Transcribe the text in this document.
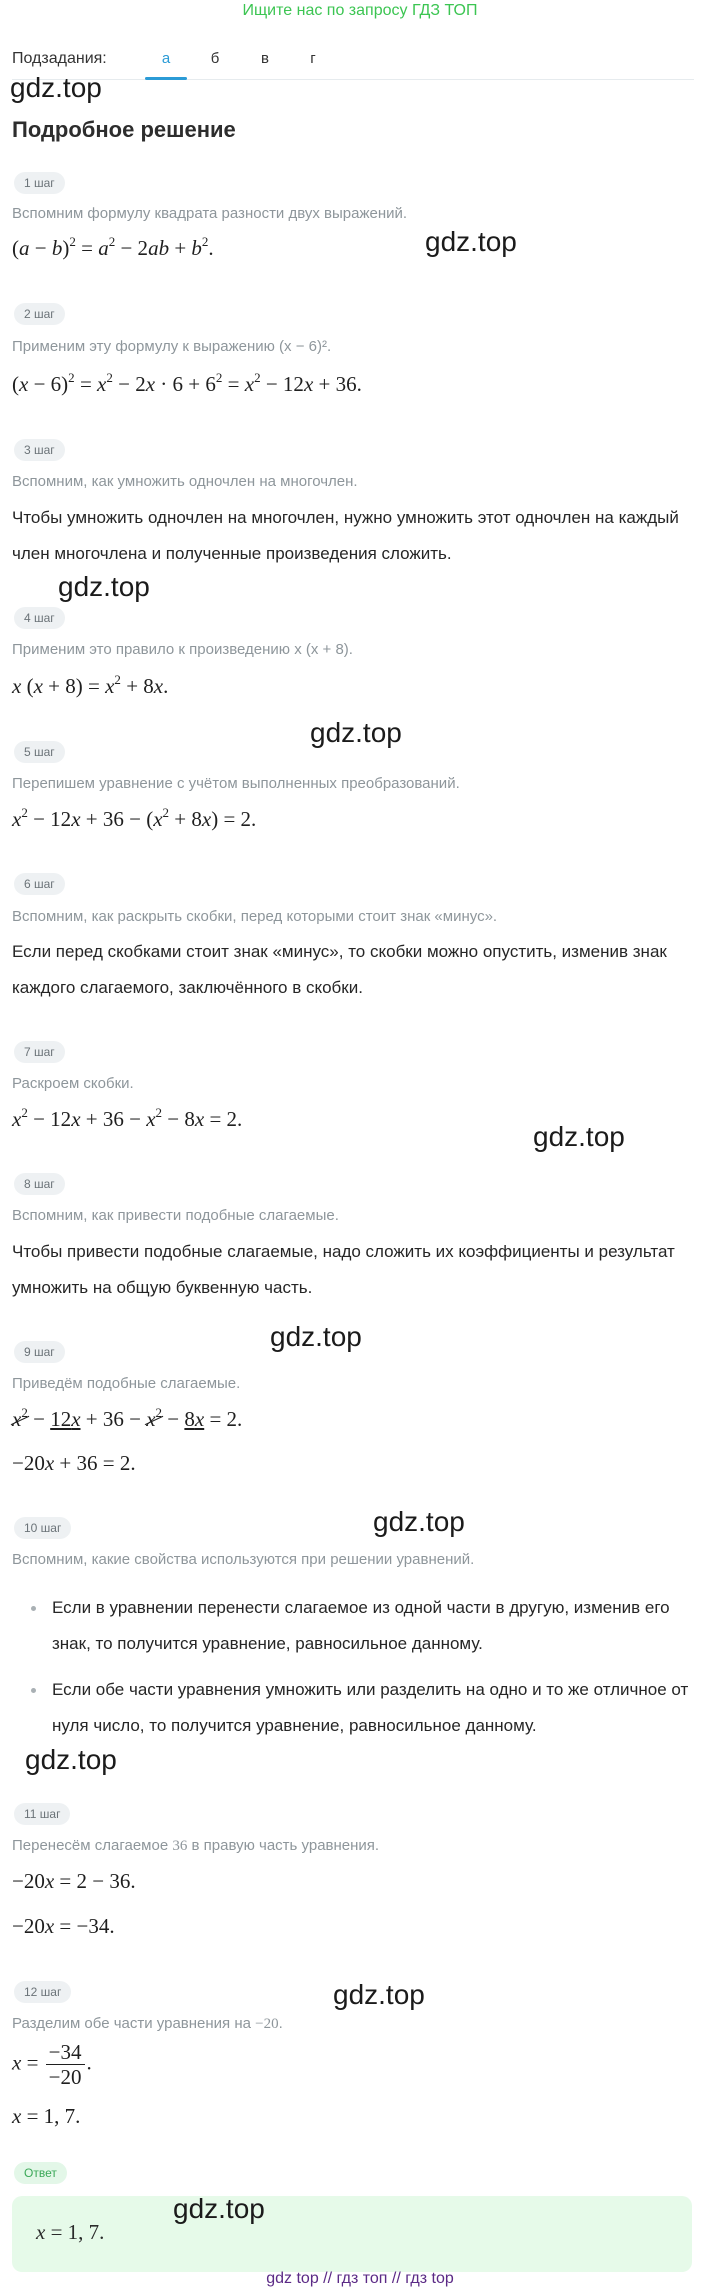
Ищите нас по запросу ГДЗ ТОП
Подзадания:	а	б	в	г
Подробное решение
1 шаг
Вспомним формулу квадрата разности двух выражений.
$(a - b)^2 = a^2 - 2ab + b^2$.
2 шаг
Применим эту формулу к выражению (x − 6)².
$(x - 6)^2 = x^2 - 2x \cdot 6 + 6^2 = x^2 - 12x + 36$.
3 шаг
Вспомним, как умножить одночлен на многочлен.
Чтобы умножить одночлен на многочлен, нужно умножить этот одночлен на каждый член многочлена и полученные произведения сложить.
4 шаг
Применим это правило к произведению x (x + 8).
x $(x + 8) = x^2 + 8x$.
5 шаг
Перепишем уравнение с учётом выполненных преобразований.
$x^2 - 12x + 36 - (x^2 + 8x) = 2$.
6 шаг
Вспомним, как раскрыть скобки, перед которыми стоит знак «минус».
Если перед скобками стоит знак «минус», то скобки можно опустить, изменив знак каждого слагаемого, заключённого в скобки.
7 шаг
Раскроем скобки.
$x^2 - 12x + 36 - x^2 - 8x = 2$.
8 шаг
Вспомним, как привести подобные слагаемые.
Чтобы привести подобные слагаемые, надо сложить их коэффициенты и результат умножить на общую буквенную часть.
9 шаг
Приведём подобные слагаемые.
$x^2 - 12x + 36 - x^2 - 8x = 2$.
−20x + 36 = 2.
10 шаг
Вспомним, какие свойства используются при решении уравнений.
Если в уравнении перенести слагаемое из одной части в другую, изменив его знак, то получится уравнение, равносильное данному.
Если обе части уравнения умножить или разделить на одно и то же отличное от нуля число, то получится уравнение, равносильное данному.
11 шаг
Перенесём слагаемое 36 в правую часть уравнения.
−20x = 2 − 36.
−20x = −34.
12 шаг
Разделим обе части уравнения на −20.
$x = \frac{-34}{-20}$ .
x = 1, 7.
Ответ
x = 1, 7.
gdz.top
gdz.top
gdz.top
gdz.top
gdz.top
gdz.top
gdz.top
gdz.top
gdz.top
gdz.top
gdz top // гдз топ // гдз top
